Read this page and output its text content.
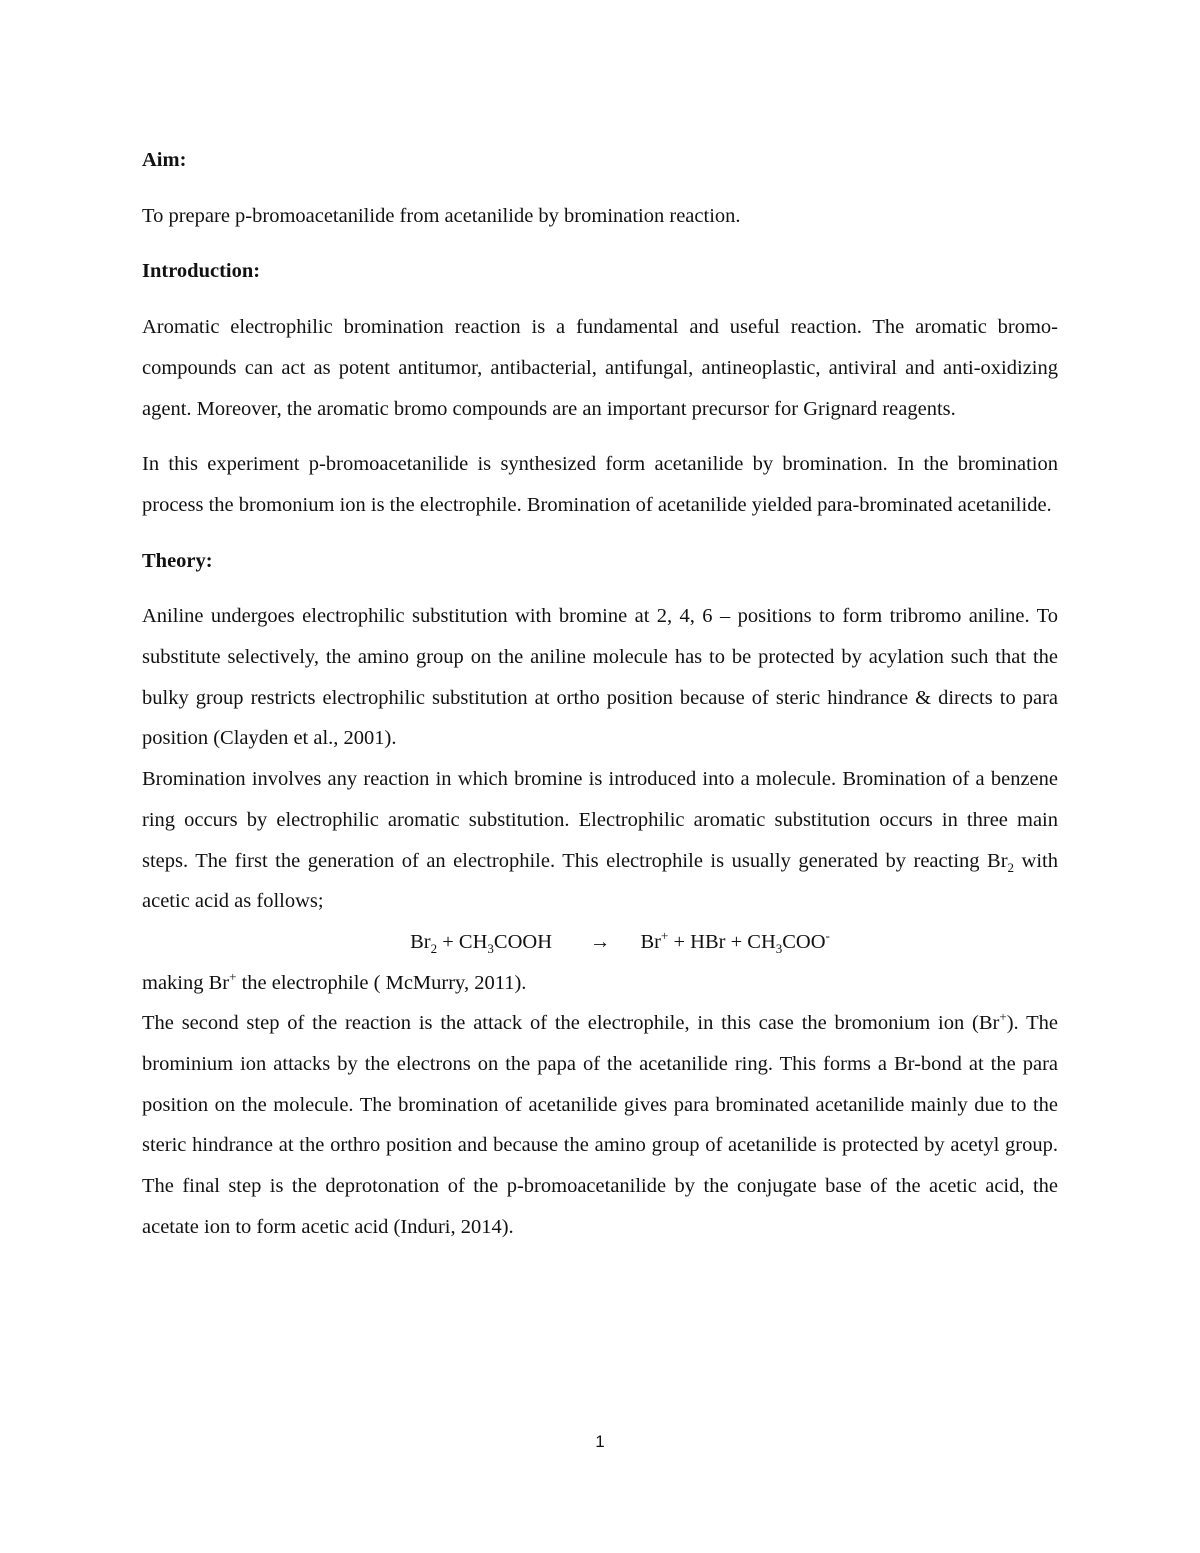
Aim:

To prepare p-bromoacetanilide from acetanilide by bromination reaction.

Introduction:

Aromatic electrophilic bromination reaction is a fundamental and useful reaction. The aromatic bromo-compounds can act as potent antitumor, antibacterial, antifungal, antineoplastic, antiviral and anti-oxidizing agent. Moreover, the aromatic bromo compounds are an important precursor for Grignard reagents.

In this experiment p-bromoacetanilide is synthesized form acetanilide by bromination. In the bromination process the bromonium ion is the electrophile. Bromination of acetanilide yielded para-brominated acetanilide.

Theory:

Aniline undergoes electrophilic substitution with bromine at 2, 4, 6 – positions to form tribromo aniline. To substitute selectively, the amino group on the aniline molecule has to be protected by acylation such that the bulky group restricts electrophilic substitution at ortho position because of steric hindrance & directs to para position (Clayden et al., 2001).

Bromination involves any reaction in which bromine is introduced into a molecule. Bromination of a benzene ring occurs by electrophilic aromatic substitution. Electrophilic aromatic substitution occurs in three main steps. The first the generation of an electrophile. This electrophile is usually generated by reacting $Br_2$ with acetic acid as follows;

$Br_2$ + $CH_3COOH \to Br^+$ + HBr + $CH_3COO^-$

making Br+ the electrophile ( McMurry, 2011).

The second step of the reaction is the attack of the electrophile, in this case the bromonium ion (Br+). The brominium ion attacks by the electrons on the papa of the acetanilide ring. This forms a Br-bond at the para position on the molecule. The bromination of acetanilide gives para brominated acetanilide mainly due to the steric hindrance at the orthro position and because the amino group of acetanilide is protected by acetyl group. The final step is the deprotonation of the p-bromoacetanilide by the conjugate base of the acetic acid, the acetate ion to form acetic acid (Induri, 2014).

1
